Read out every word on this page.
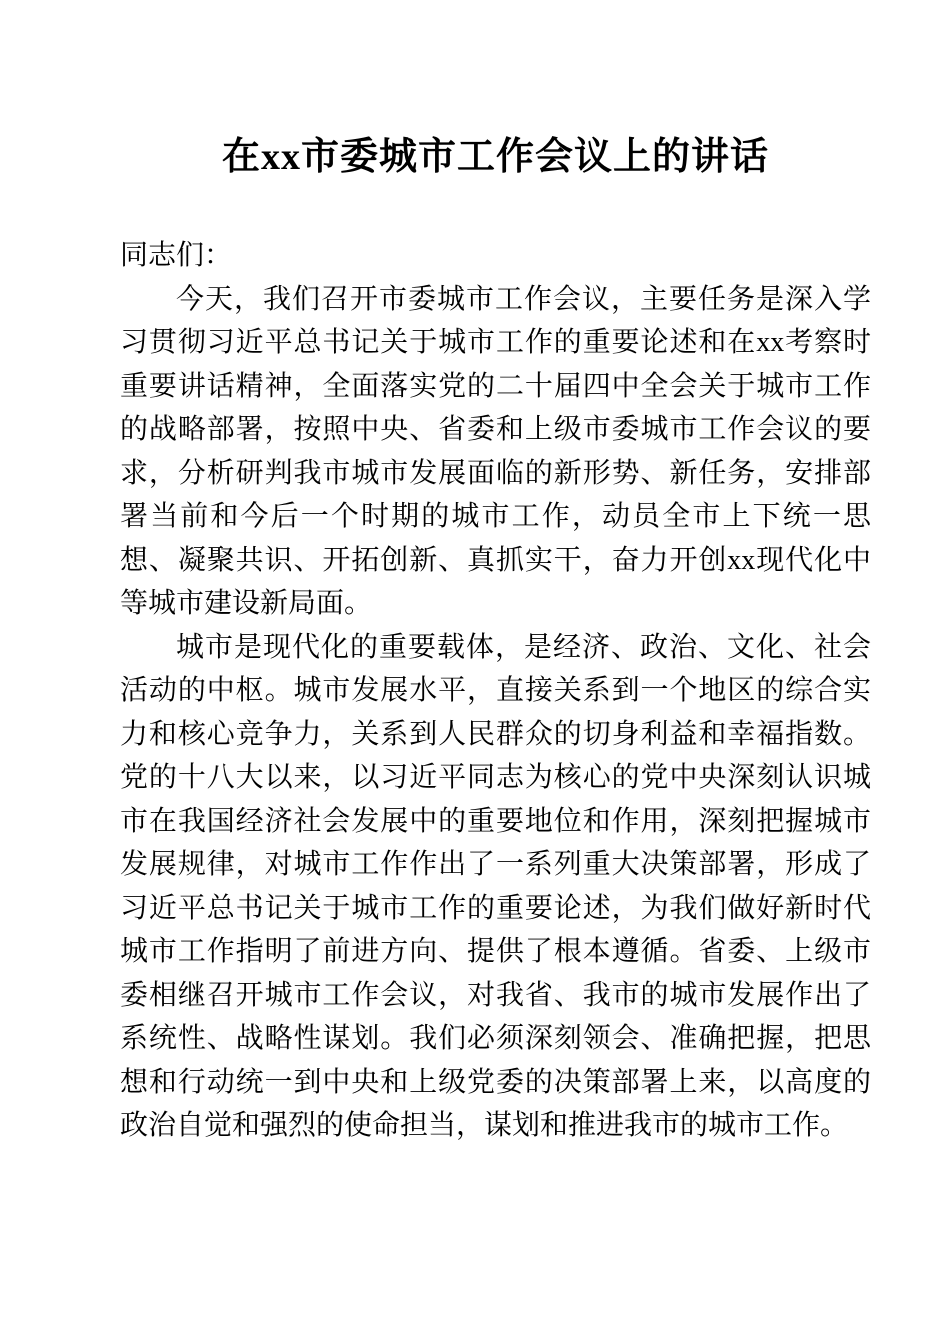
在xx市委城市工作会议上的讲话

同志们：

今天，我们召开市委城市工作会议，主要任务是深入学习贯彻习近平总书记关于城市工作的重要论述和在xx考察时重要讲话精神，全面落实党的二十届四中全会关于城市工作的战略部署，按照中央、省委和上级市委城市工作会议的要求，分析研判我市城市发展面临的新形势、新任务，安排部署当前和今后一个时期的城市工作，动员全市上下统一思想、凝聚共识、开拓创新、真抓实干，奋力开创xx现代化中等城市建设新局面。

城市是现代化的重要载体，是经济、政治、文化、社会活动的中枢。城市发展水平，直接关系到一个地区的综合实力和核心竞争力，关系到人民群众的切身利益和幸福指数。党的十八大以来，以习近平同志为核心的党中央深刻认识城市在我国经济社会发展中的重要地位和作用，深刻把握城市发展规律，对城市工作作出了一系列重大决策部署，形成了习近平总书记关于城市工作的重要论述，为我们做好新时代城市工作指明了前进方向、提供了根本遵循。省委、上级市委相继召开城市工作会议，对我省、我市的城市发展作出了系统性、战略性谋划。我们必须深刻领会、准确把握，把思想和行动统一到中央和上级党委的决策部署上来，以高度的政治自觉和强烈的使命担当，谋划和推进我市的城市工作。
